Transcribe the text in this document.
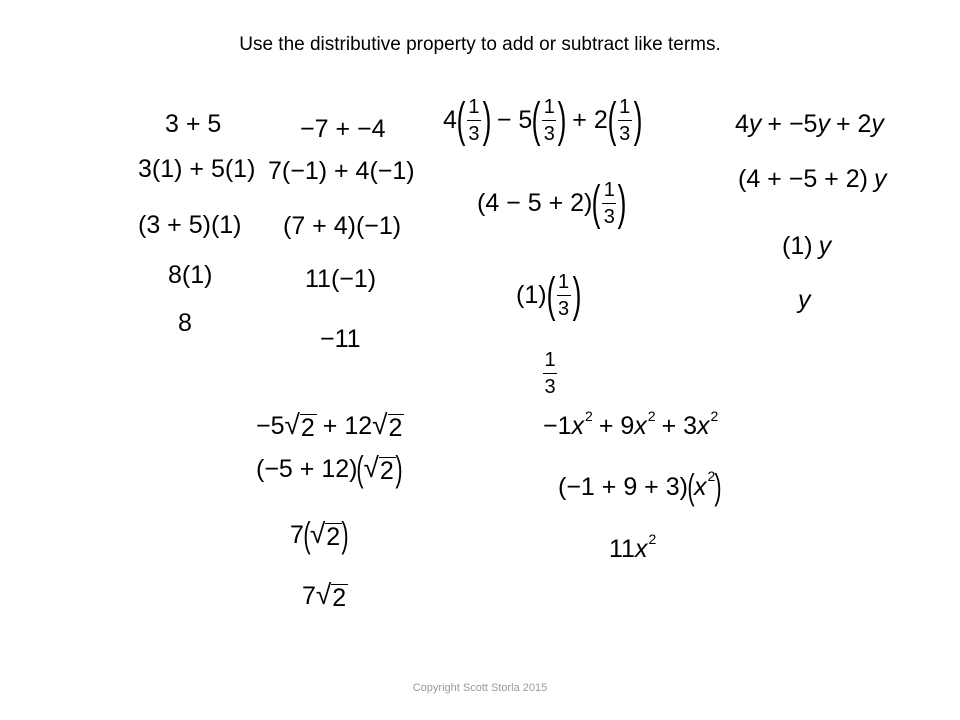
Use the distributive property to add or subtract like terms.
3 + 5
3(1) + 5(1)
(3 + 5)(1)
8(1)
8
−7 + −4
7(−1) + 4(−1)
(7 + 4)(−1)
11(−1)
−11
4 ( $\frac{1}{3}$ ) − 5 ( $\frac{1}{3}$ ) + 2 ( $\frac{1}{3}$ )
(4 − 5 + 2) ( $\frac{1}{3}$ )
(1) ( $\frac{1}{3}$ )
$\frac{1}{3}$
4 y + −5 y + 2 y
(4 + −5 + 2) y
(1) y
y
−5 √ 2 + 12 √ 2
(−5 + 12) ( √ 2 )
7 ( √ 2 )
7 √ 2
−1 x 2 + 9 x 2 + 3 x 2
(−1 + 9 + 3) ( x 2 )
11 x 2
Copyright Scott Storla 2015
